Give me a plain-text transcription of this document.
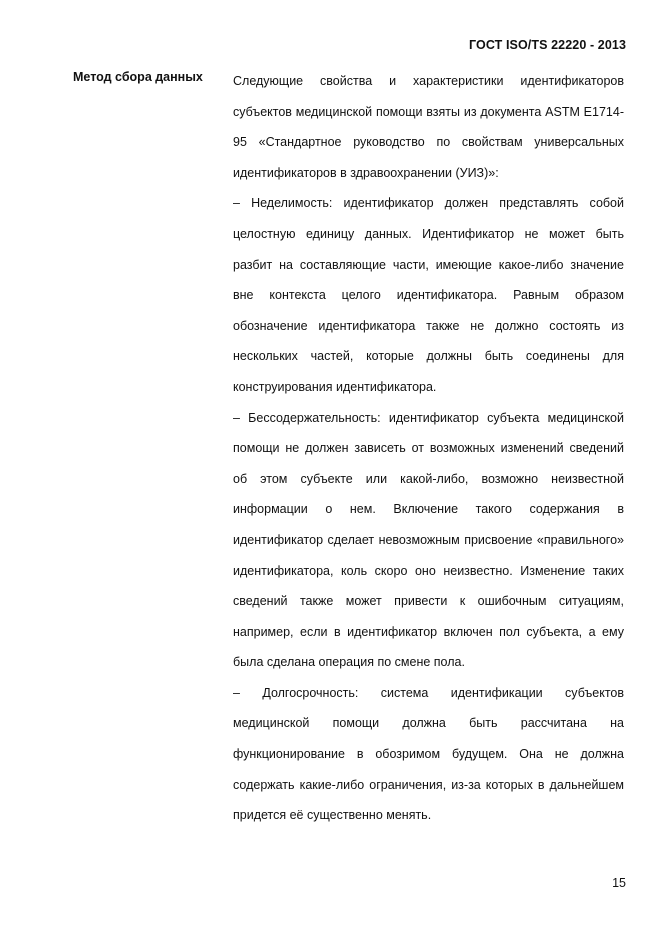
ГОСТ ISO/TS 22220 - 2013
Метод сбора данных Следующие свойства и характеристики идентификаторов субъектов медицинской помощи взяты из документа ASTM E1714-95 «Стандартное руководство по свойствам универсальных идентификаторов в здравоохранении (УИЗ)»:

– Неделимость: идентификатор должен представлять собой целостную единицу данных. Идентификатор не может быть разбит на составляющие части, имеющие какое-либо значение вне контекста целого идентификатора. Равным образом обозначение идентификатора также не должно состоять из нескольких частей, которые должны быть соединены для конструирования идентификатора.

– Бессодержательность: идентификатор субъекта медицинской помощи не должен зависеть от возможных изменений сведений об этом субъекте или какой-либо, возможно неизвестной информации о нем. Включение такого содержания в идентификатор сделает невозможным присвоение «правильного» идентификатора, коль скоро оно неизвестно. Изменение таких сведений также может привести к ошибочным ситуациям, например, если в идентификатор включен пол субъекта, а ему была сделана операция по смене пола.

– Долгосрочность: система идентификации субъектов медицинской помощи должна быть рассчитана на функционирование в обозримом будущем. Она не должна содержать какие-либо ограничения, из-за которых в дальнейшем придется её существенно менять.

15
